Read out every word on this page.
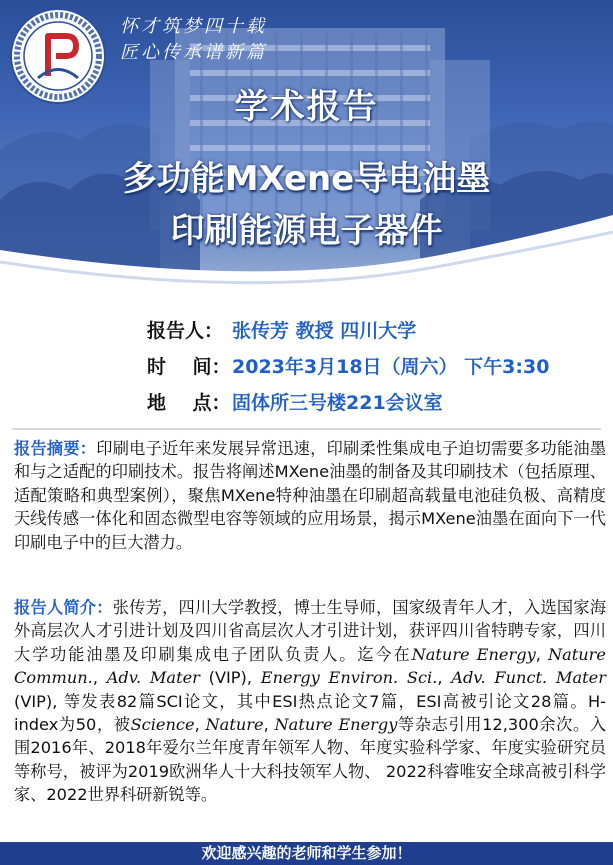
怀才筑梦四十载
匠心传承谱新篇
学术报告
多功能MXene导电油墨
印刷能源电子器件
报告人： 张传芳 教授 四川大学
时    间：2023年3月18日（周六） 下午3:30
地    点：固体所三号楼221会议室
报告摘要：印刷电子近年来发展异常迅速，印刷柔性集成电子迫切需要多功能油墨和与之适配的印刷技术。报告将阐述MXene油墨的制备及其印刷技术（包括原理、适配策略和典型案例），聚焦MXene特种油墨在印刷超高载量电池硅负极、高精度天线传感一体化和固态微型电容等领域的应用场景，揭示MXene油墨在面向下一代印刷电子中的巨大潜力。
报告人简介：张传芳，四川大学教授，博士生导师，国家级青年人才，入选国家海外高层次人才引进计划及四川省高层次人才引进计划，获评四川省特聘专家，四川大学功能油墨及印刷集成电子团队负责人。迄今在Nature Energy, Nature Commun., Adv. Mater (VIP), Energy Environ. Sci., Adv. Funct. Mater (VIP), 等发表82篇SCI论文，其中ESI热点论文7篇，ESI高被引论文28篇。H-index为50，被Science, Nature, Nature Energy等杂志引用12,300余次。入围2016年、2018年爱尔兰年度青年领军人物、年度实验科学家、年度实验研究员等称号，被评为2019欧洲华人十大科技领军人物、 2022科睿唯安全球高被引科学家、2022世界科研新锐等。
欢迎感兴趣的老师和学生参加！
